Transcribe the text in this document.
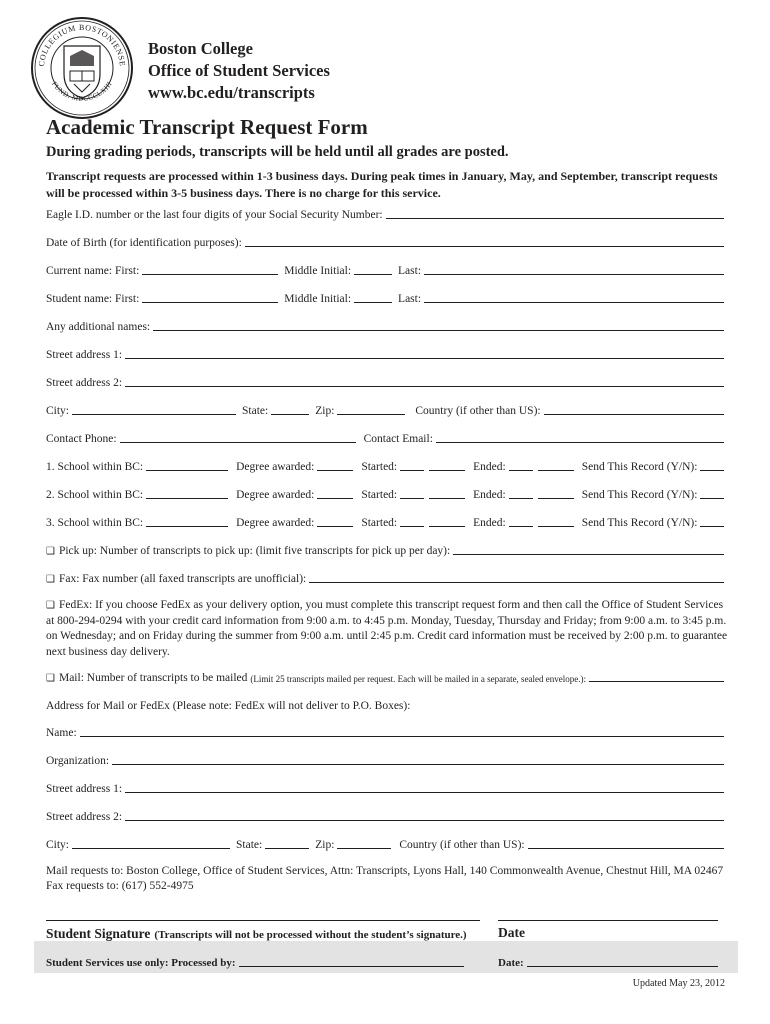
COLLEGIUM BOSTONIENSE
FUND. MDCCCLXIII
Boston College
Office of Student Services
www.bc.edu/transcripts
Academic Transcript Request Form
During grading periods, transcripts will be held until all grades are posted.
Transcript requests are processed within 1-3 business days. During peak times in January, May, and September, transcript requests will be processed within 3-5 business days. There is no charge for this service.
Eagle I.D. number or the last four digits of your Social Security Number:
Date of Birth (for identification purposes):
Current name: First:	Middle Initial:	Last:
Student name: First:	Middle Initial:	Last:
Any additional names:
Street address 1:
Street address 2:
City:	State:	Zip:	Country (if other than US):
Contact Phone:	Contact Email:
1. School within BC:	Degree awarded:	Started:	Ended:	Send This Record (Y/N):
2. School within BC:	Degree awarded:	Started:	Ended:	Send This Record (Y/N):
3. School within BC:	Degree awarded:	Started:	Ended:	Send This Record (Y/N):
❑ Pick up: Number of transcripts to pick up: (limit five transcripts for pick up per day):
❑ Fax: Fax number (all faxed transcripts are unofficial):
❑ FedEx: If you choose FedEx as your delivery option, you must complete this transcript request form and then call the Office of Student Services at 800-294-0294 with your credit card information from 9:00 a.m. to 4:45 p.m. Monday, Tuesday, Thursday and Friday; from 9:00 a.m. to 3:45 p.m. on Wednesday; and on Friday during the summer from 9:00 a.m. until 2:45 p.m. Credit card information must be received by 2:00 p.m. to guarantee next business day delivery.
❑ Mail: Number of transcripts to be mailed (Limit 25 transcripts mailed per request. Each will be mailed in a separate, sealed envelope.):
Address for Mail or FedEx (Please note: FedEx will not deliver to P.O. Boxes):
Name:
Organization:
Street address 1:
Street address 2:
City:	State:	Zip:	Country (if other than US):
Mail requests to: Boston College, Office of Student Services, Attn: Transcripts, Lyons Hall, 140 Commonwealth Avenue, Chestnut Hill, MA 02467
Fax requests to: (617) 552-4975
Student Signature (Transcripts will not be processed without the student’s signature.) Date
Student Services use only: Processed by:	Date:
Updated May 23, 2012
